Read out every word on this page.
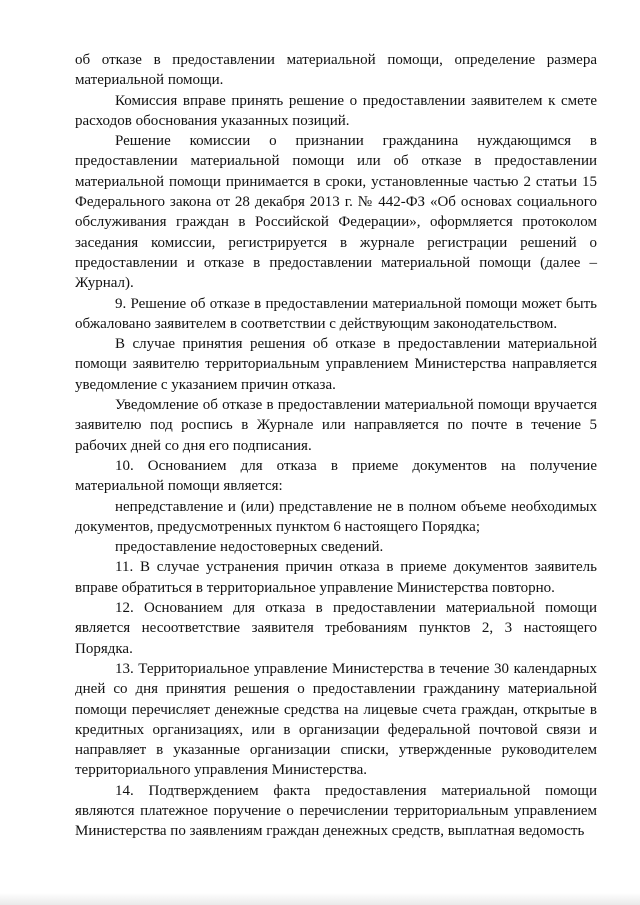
об отказе в предоставлении материальной помощи, определение размера материальной помощи.

Комиссия вправе принять решение о предоставлении заявителем к смете расходов обоснования указанных позиций.

Решение комиссии о признании гражданина нуждающимся в предоставлении материальной помощи или об отказе в предоставлении материальной помощи принимается в сроки, установленные частью 2 статьи 15 Федерального закона от 28 декабря 2013 г. № 442-ФЗ «Об основах социального обслуживания граждан в Российской Федерации», оформляется протоколом заседания комиссии, регистрируется в журнале регистрации решений о предоставлении и отказе в предоставлении материальной помощи (далее – Журнал).

9. Решение об отказе в предоставлении материальной помощи может быть обжаловано заявителем в соответствии с действующим законодательством.

В случае принятия решения об отказе в предоставлении материальной помощи заявителю территориальным управлением Министерства направляется уведомление с указанием причин отказа.

Уведомление об отказе в предоставлении материальной помощи вручается заявителю под роспись в Журнале или направляется по почте в течение 5 рабочих дней со дня его подписания.

10. Основанием для отказа в приеме документов на получение материальной помощи является:

непредставление и (или) представление не в полном объеме необходимых документов, предусмотренных пунктом 6 настоящего Порядка;

предоставление недостоверных сведений.

11. В случае устранения причин отказа в приеме документов заявитель вправе обратиться в территориальное управление Министерства повторно.

12. Основанием для отказа в предоставлении материальной помощи является несоответствие заявителя требованиям пунктов 2, 3 настоящего Порядка.

13. Территориальное управление Министерства в течение 30 календарных дней со дня принятия решения о предоставлении гражданину материальной помощи перечисляет денежные средства на лицевые счета граждан, открытые в кредитных организациях, или в организации федеральной почтовой связи и направляет в указанные организации списки, утвержденные руководителем территориального управления Министерства.

14. Подтверждением факта предоставления материальной помощи являются платежное поручение о перечислении территориальным управлением Министерства по заявлениям граждан денежных средств, выплатная ведомость
